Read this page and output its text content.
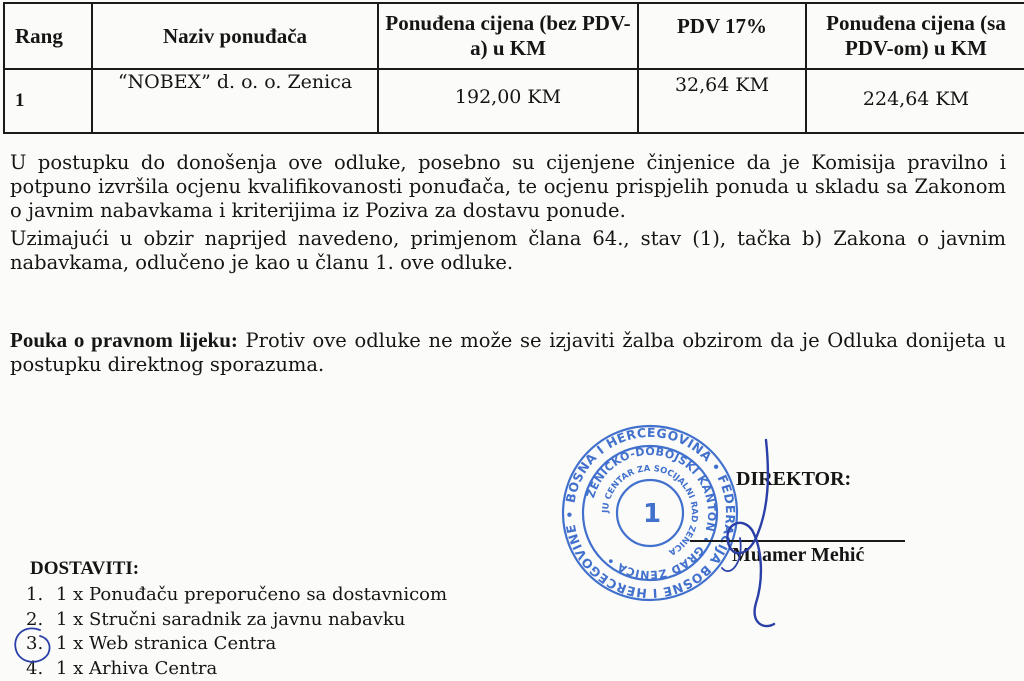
Rang	Naziv ponuđača	Ponuđena cijena (bez PDV-a) u KM	PDV 17%	Ponuđena cijena (sa PDV-om) u KM
1	“NOBEX” d. o. o. Zenica	192,00 KM	32,64 KM	224,64 KM

U postupku do donošenja ove odluke, posebno su cijenjene činjenice da je Komisija pravilno i potpuno izvršila ocjenu kvalifikovanosti ponuđača, te ocjenu prispjelih ponuda u skladu sa Zakonom o javnim nabavkama i kriterijima iz Poziva za dostavu ponude.

Uzimajući u obzir naprijed navedeno, primjenom člana 64., stav (1), tačka b) Zakona o javnim nabavkama, odlučeno je kao u članu 1. ove odluke.

Pouka o pravnom lijeku: Protiv ove odluke ne može se izjaviti žalba obzirom da je Odluka donijeta u postupku direktnog sporazuma.

BOSNA I HERCEGOVINA • FEDERACIJA BOSNE I HERCEGOVINE •
ZENIČKO-DOBOJSKI KANTON • GRAD ZENICA •
JU CENTAR ZA SOCIJALNI RAD ZENICA
1
DIREKTOR:
Muamer Mehić
DOSTAVITI:
1. 1 x Ponuđaču preporučeno sa dostavnicom
2. 1 x Stručni saradnik za javnu nabavku
3. 1 x Web stranica Centra
4. 1 x Arhiva Centra
